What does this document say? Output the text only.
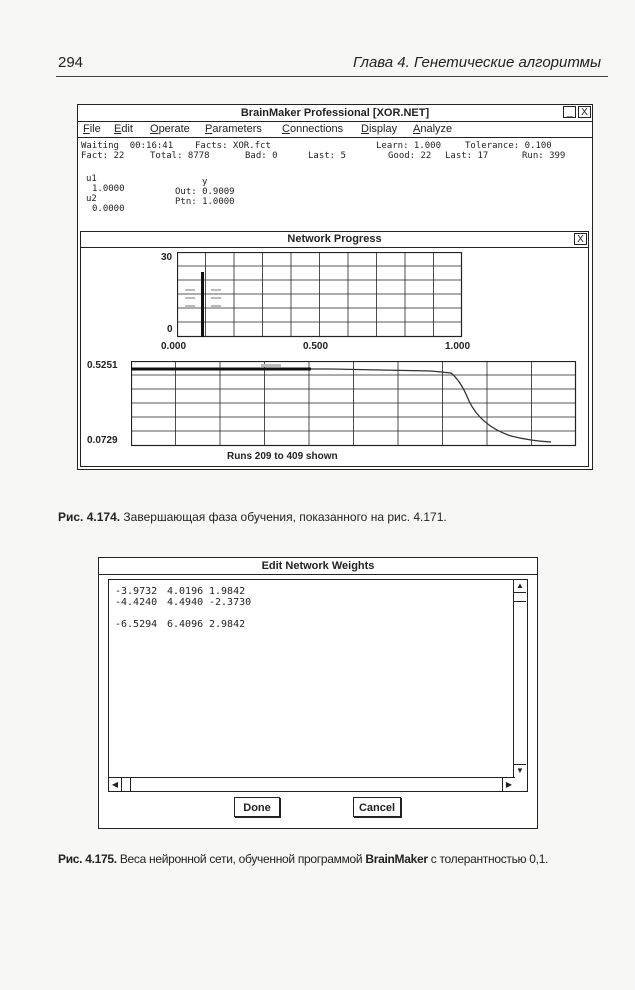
294	Глава 4. Генетические алгоритмы
BrainMaker Professional [XOR.NET]	_ X
File Edit Operate Parameters Connections Display Analyze
Waiting  00:16:41 Facts: XOR.fct	Learn: 1.000	Tolerance: 0.100
Fact: 22	Total: 8778	Bad: 0	Last: 5	Good: 22 Last: 17	Run: 399
u1
1.0000
u2
0.0000
y
Out: 0.9009
Ptn: 1.0000
Network Progress	X
30
0
0.000	0.500	1.000
0.5251
0.0729
Runs 209 to 409 shown
Рис. 4.174. Завершающая фаза обучения, показанного на рис. 4.171.
Edit Network Weights
-3.9732 4.0196 1.9842
-4.4240 4.4940 -2.3730
-6.5294 6.4096 2.9842
▲
▼
◀	▶
Done	Cancel
Рис. 4.175. Веса нейронной сети, обученной программой BrainMaker с толерантностью 0,1.
